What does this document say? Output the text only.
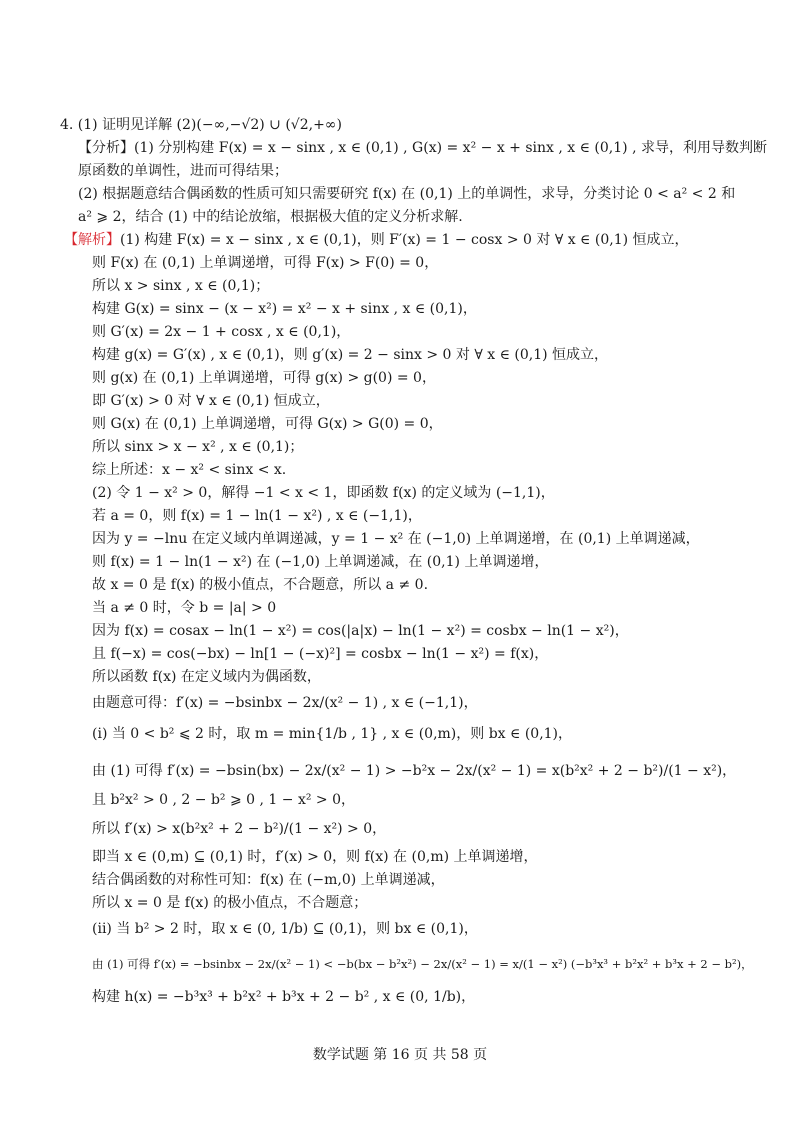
4. (1) 证明见详解 (2)(−∞,−√2) ∪ (√2,+∞)
【分析】(1) 分别构建 F(x) = x − sinx , x ∈ (0,1) , G(x) = x² − x + sinx , x ∈ (0,1) , 求导，利用导数判断
原函数的单调性，进而可得结果；
(2) 根据题意结合偶函数的性质可知只需要研究 f(x) 在 (0,1) 上的单调性，求导，分类讨论 0 < a² < 2 和
a² ⩾ 2，结合 (1) 中的结论放缩，根据极大值的定义分析求解.
【解析】(1) 构建 F(x) = x − sinx , x ∈ (0,1)，则 F′(x) = 1 − cosx > 0 对 ∀ x ∈ (0,1) 恒成立，
则 F(x) 在 (0,1) 上单调递增，可得 F(x) > F(0) = 0，
所以 x > sinx , x ∈ (0,1)；
构建 G(x) = sinx − (x − x²) = x² − x + sinx , x ∈ (0,1)，
则 G′(x) = 2x − 1 + cosx , x ∈ (0,1)，
构建 g(x) = G′(x) , x ∈ (0,1)，则 g′(x) = 2 − sinx > 0 对 ∀ x ∈ (0,1) 恒成立，
则 g(x) 在 (0,1) 上单调递增，可得 g(x) > g(0) = 0，
即 G′(x) > 0 对 ∀ x ∈ (0,1) 恒成立，
则 G(x) 在 (0,1) 上单调递增，可得 G(x) > G(0) = 0，
所以 sinx > x − x² , x ∈ (0,1)；
综上所述：x − x² < sinx < x.
(2) 令 1 − x² > 0，解得 −1 < x < 1，即函数 f(x) 的定义域为 (−1,1)，
若 a = 0，则 f(x) = 1 − ln(1 − x²) , x ∈ (−1,1)，
因为 y = −lnu 在定义域内单调递减，y = 1 − x² 在 (−1,0) 上单调递增，在 (0,1) 上单调递减，
则 f(x) = 1 − ln(1 − x²) 在 (−1,0) 上单调递减，在 (0,1) 上单调递增，
故 x = 0 是 f(x) 的极小值点，不合题意，所以 a ≠ 0.
当 a ≠ 0 时，令 b = |a| > 0
因为 f(x) = cosax − ln(1 − x²) = cos(|a|x) − ln(1 − x²) = cosbx − ln(1 − x²)，
且 f(−x) = cos(−bx) − ln[1 − (−x)²] = cosbx − ln(1 − x²) = f(x)，
所以函数 f(x) 在定义域内为偶函数，
由题意可得：f′(x) = −bsinbx − 2x/(x² − 1) , x ∈ (−1,1)，
(i) 当 0 < b² ⩽ 2 时，取 m = min{1/b , 1} , x ∈ (0,m)，则 bx ∈ (0,1)，
由 (1) 可得 f′(x) = −bsin(bx) − 2x/(x² − 1) > −b²x − 2x/(x² − 1) = x(b²x² + 2 − b²)/(1 − x²)，
且 b²x² > 0 , 2 − b² ⩾ 0 , 1 − x² > 0，
所以 f′(x) > x(b²x² + 2 − b²)/(1 − x²) > 0，
即当 x ∈ (0,m) ⊆ (0,1) 时，f′(x) > 0，则 f(x) 在 (0,m) 上单调递增，
结合偶函数的对称性可知：f(x) 在 (−m,0) 上单调递减，
所以 x = 0 是 f(x) 的极小值点，不合题意；
(ii) 当 b² > 2 时，取 x ∈ (0, 1/b) ⊆ (0,1)，则 bx ∈ (0,1)，
由 (1) 可得 f′(x) = −bsinbx − 2x/(x² − 1) < −b(bx − b²x²) − 2x/(x² − 1) = x/(1 − x²) (−b³x³ + b²x² + b³x + 2 − b²)，
构建 h(x) = −b³x³ + b²x² + b³x + 2 − b² , x ∈ (0, 1/b)，
数学试题 第 16 页 共 58 页
